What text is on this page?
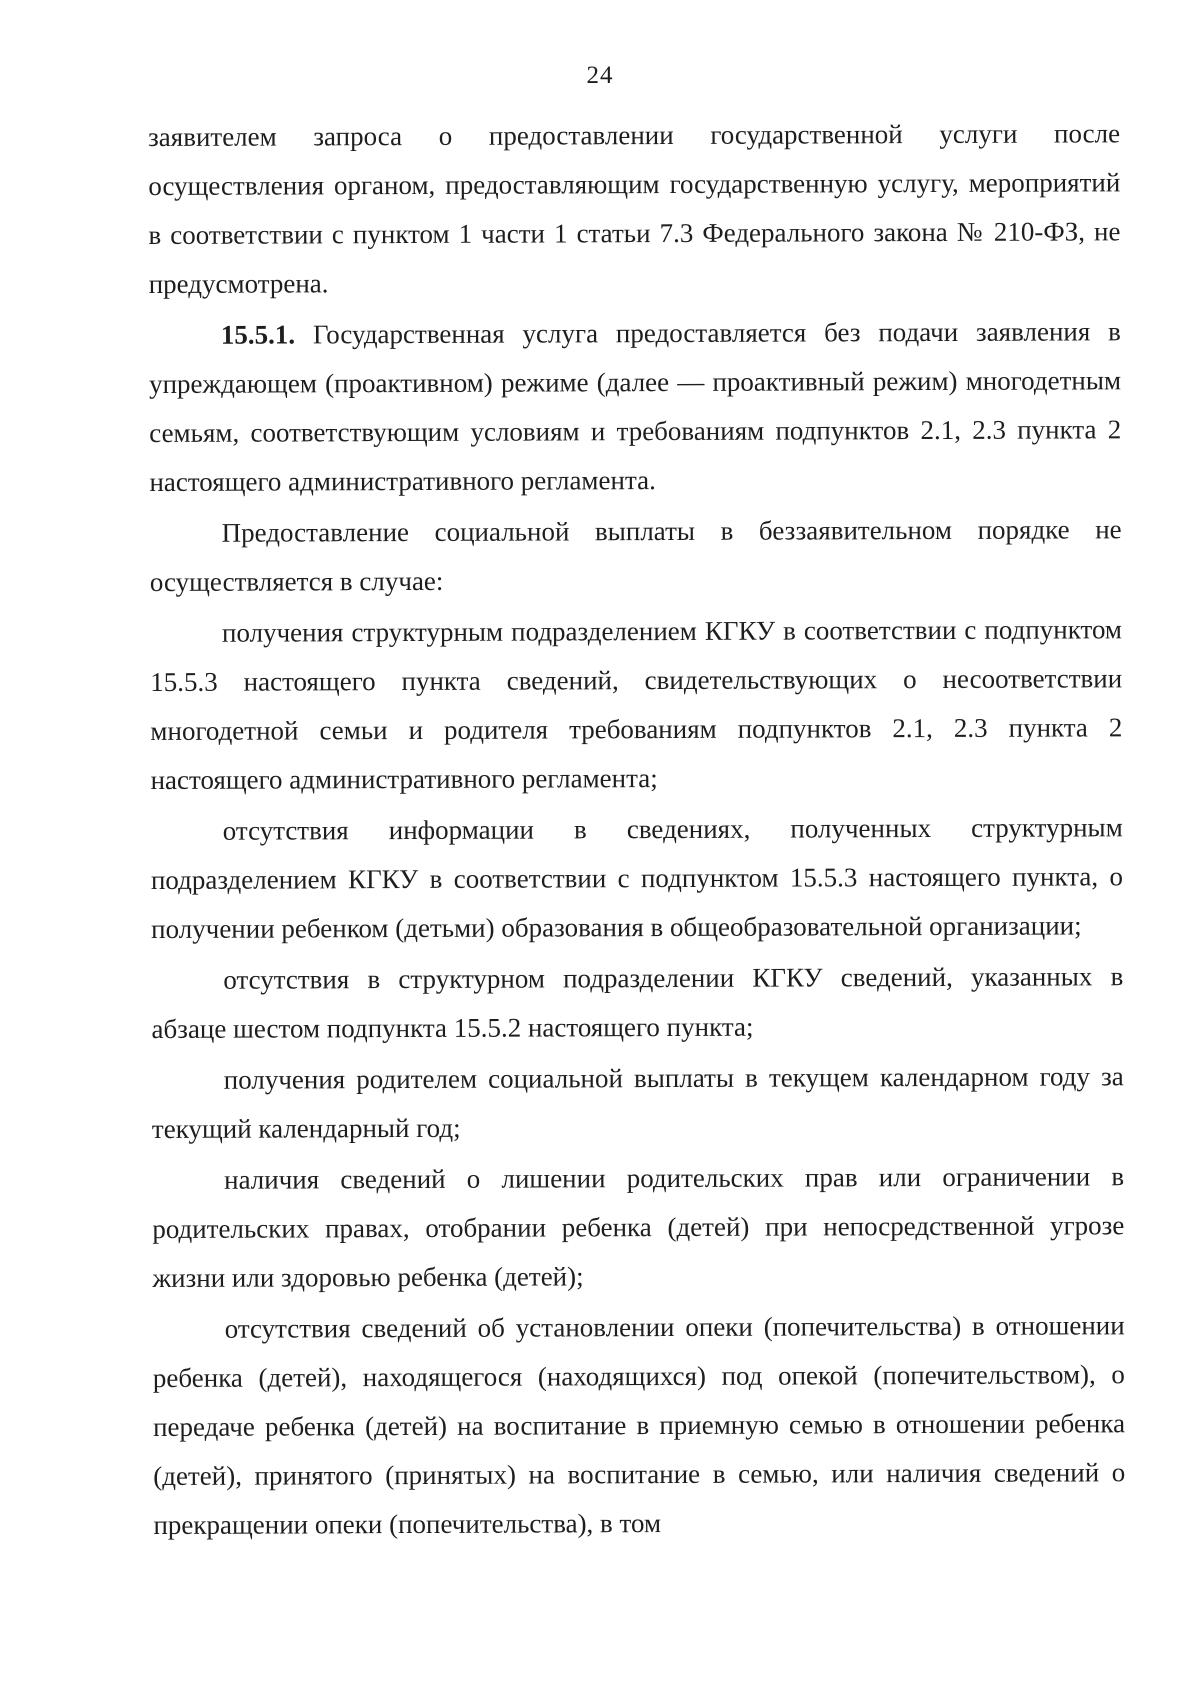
24

заявителем запроса о предоставлении государственной услуги после осуществления органом, предоставляющим государственную услугу, мероприятий в соответствии с пунктом 1 части 1 статьи 7.3 Федерального закона № 210-ФЗ, не предусмотрена.

15.5.1. Государственная услуга предоставляется без подачи заявления в упреждающем (проактивном) режиме (далее — проактивный режим) многодетным семьям, соответствующим условиям и требованиям подпунктов 2.1, 2.3 пункта 2 настоящего административного регламента.

Предоставление социальной выплаты в беззаявительном порядке не осуществляется в случае:

получения структурным подразделением КГКУ в соответствии с подпунктом 15.5.3 настоящего пункта сведений, свидетельствующих о несоответствии многодетной семьи и родителя требованиям подпунктов 2.1, 2.3 пункта 2 настоящего административного регламента;

отсутствия информации в сведениях, полученных структурным подразделением КГКУ в соответствии с подпунктом 15.5.3 настоящего пункта, о получении ребенком (детьми) образования в общеобразовательной организации;

отсутствия в структурном подразделении КГКУ сведений, указанных в абзаце шестом подпункта 15.5.2 настоящего пункта;

получения родителем социальной выплаты в текущем календарном году за текущий календарный год;

наличия сведений о лишении родительских прав или ограничении в родительских правах, отобрании ребенка (детей) при непосредственной угрозе жизни или здоровью ребенка (детей);

отсутствия сведений об установлении опеки (попечительства) в отношении ребенка (детей), находящегося (находящихся) под опекой (попечительством), о передаче ребенка (детей) на воспитание в приемную семью в отношении ребенка (детей), принятого (принятых) на воспитание в семью, или наличия сведений о прекращении опеки (попечительства), в том
